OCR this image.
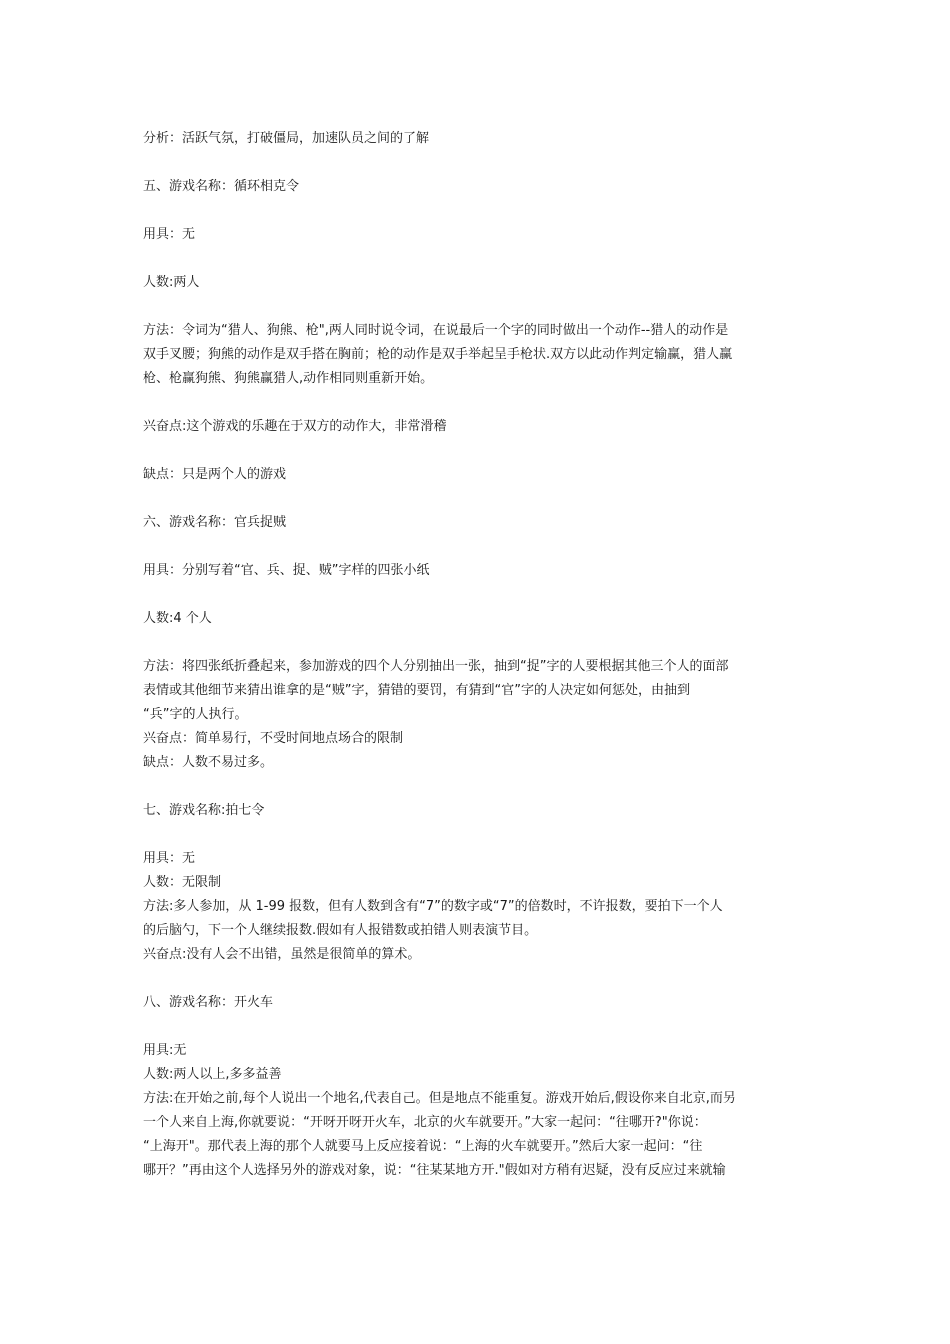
分析：活跃气氛，打破僵局，加速队员之间的了解

五、游戏名称：循环相克令

用具：无

人数:两人

方法：令词为“猎人、狗熊、枪",两人同时说令词，在说最后一个字的同时做出一个动作--猎人的动作是

双手叉腰；狗熊的动作是双手搭在胸前；枪的动作是双手举起呈手枪状.双方以此动作判定输赢，猎人赢

枪、枪赢狗熊、狗熊赢猎人,动作相同则重新开始。

兴奋点:这个游戏的乐趣在于双方的动作大，非常滑稽

缺点：只是两个人的游戏

六、游戏名称：官兵捉贼

用具：分别写着“官、兵、捉、贼”字样的四张小纸

人数:4 个人

方法：将四张纸折叠起来，参加游戏的四个人分别抽出一张，抽到“捉”字的人要根据其他三个人的面部

表情或其他细节来猜出谁拿的是“贼”字，猜错的要罚，有猜到“官”字的人决定如何惩处，由抽到

“兵”字的人执行。

兴奋点：简单易行，不受时间地点场合的限制

缺点：人数不易过多。

七、游戏名称:拍七令

用具：无

人数：无限制

方法:多人参加，从 1-99 报数，但有人数到含有“7”的数字或“7”的倍数时，不许报数，要拍下一个人

的后脑勺，下一个人继续报数.假如有人报错数或拍错人则表演节目。

兴奋点:没有人会不出错，虽然是很简单的算术。

八、游戏名称：开火车

用具:无

人数:两人以上,多多益善

方法:在开始之前,每个人说出一个地名,代表自己。但是地点不能重复。游戏开始后,假设你来自北京,而另

一个人来自上海,你就要说：“开呀开呀开火车，北京的火车就要开。”大家一起问：“往哪开?"你说：

“上海开"。那代表上海的那个人就要马上反应接着说：“上海的火车就要开。”然后大家一起问：“往

哪开？”再由这个人选择另外的游戏对象，说：“往某某地方开."假如对方稍有迟疑，没有反应过来就输
